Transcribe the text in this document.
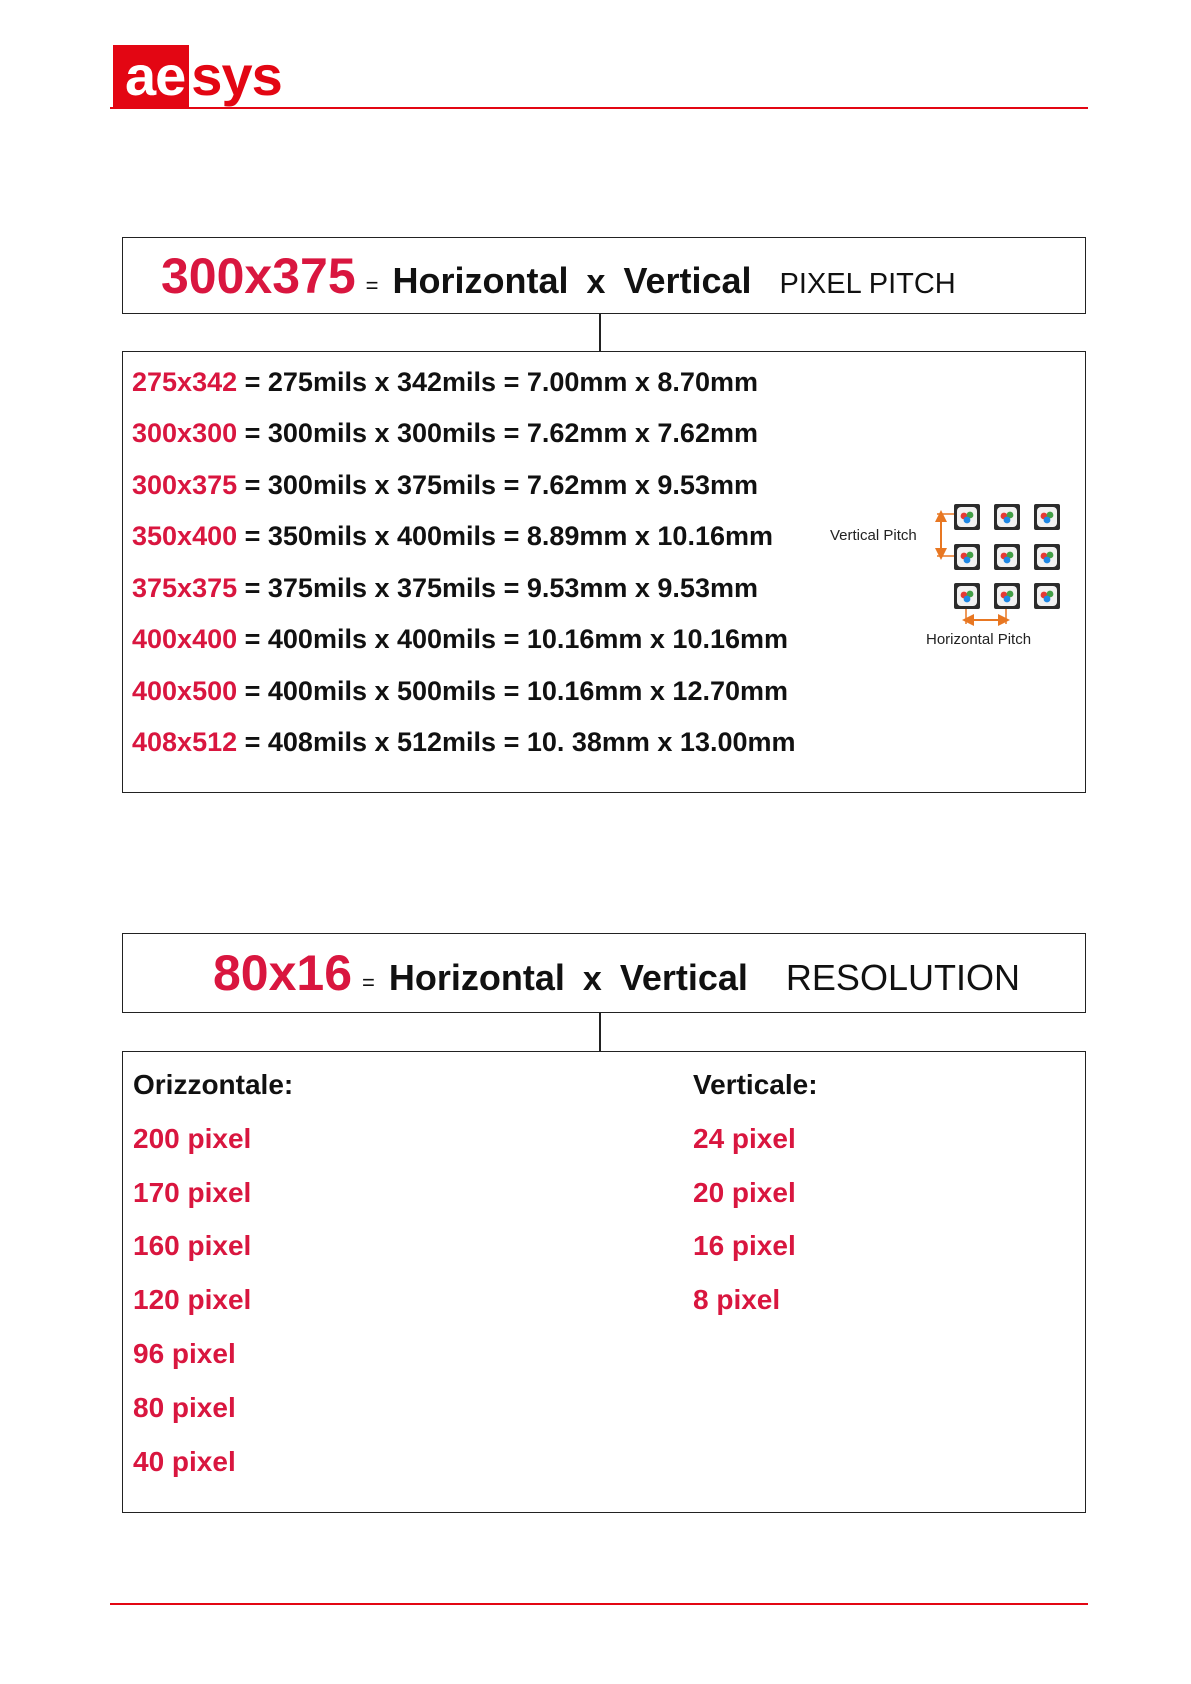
ae sys
300x375 = Horizontal x Vertical PIXEL PITCH
275x342 = 275mils x 342mils = 7.00mm x 8.70mm
300x300 = 300mils x 300mils = 7.62mm x 7.62mm
300x375 = 300mils x 375mils = 7.62mm x 9.53mm
350x400 = 350mils x 400mils = 8.89mm x 10.16mm
375x375 = 375mils x 375mils = 9.53mm x 9.53mm
400x400 = 400mils x 400mils = 10.16mm x 10.16mm
400x500 = 400mils x 500mils = 10.16mm x 12.70mm
408x512 = 408mils x 512mils = 10. 38mm x 13.00mm
Vertical Pitch
Horizontal Pitch
80x16 = Horizontal x Vertical RESOLUTION
Orizzontale:
200 pixel
170 pixel
160 pixel
120 pixel
96 pixel
80 pixel
40 pixel
Verticale:
24 pixel
20 pixel
16 pixel
8 pixel
